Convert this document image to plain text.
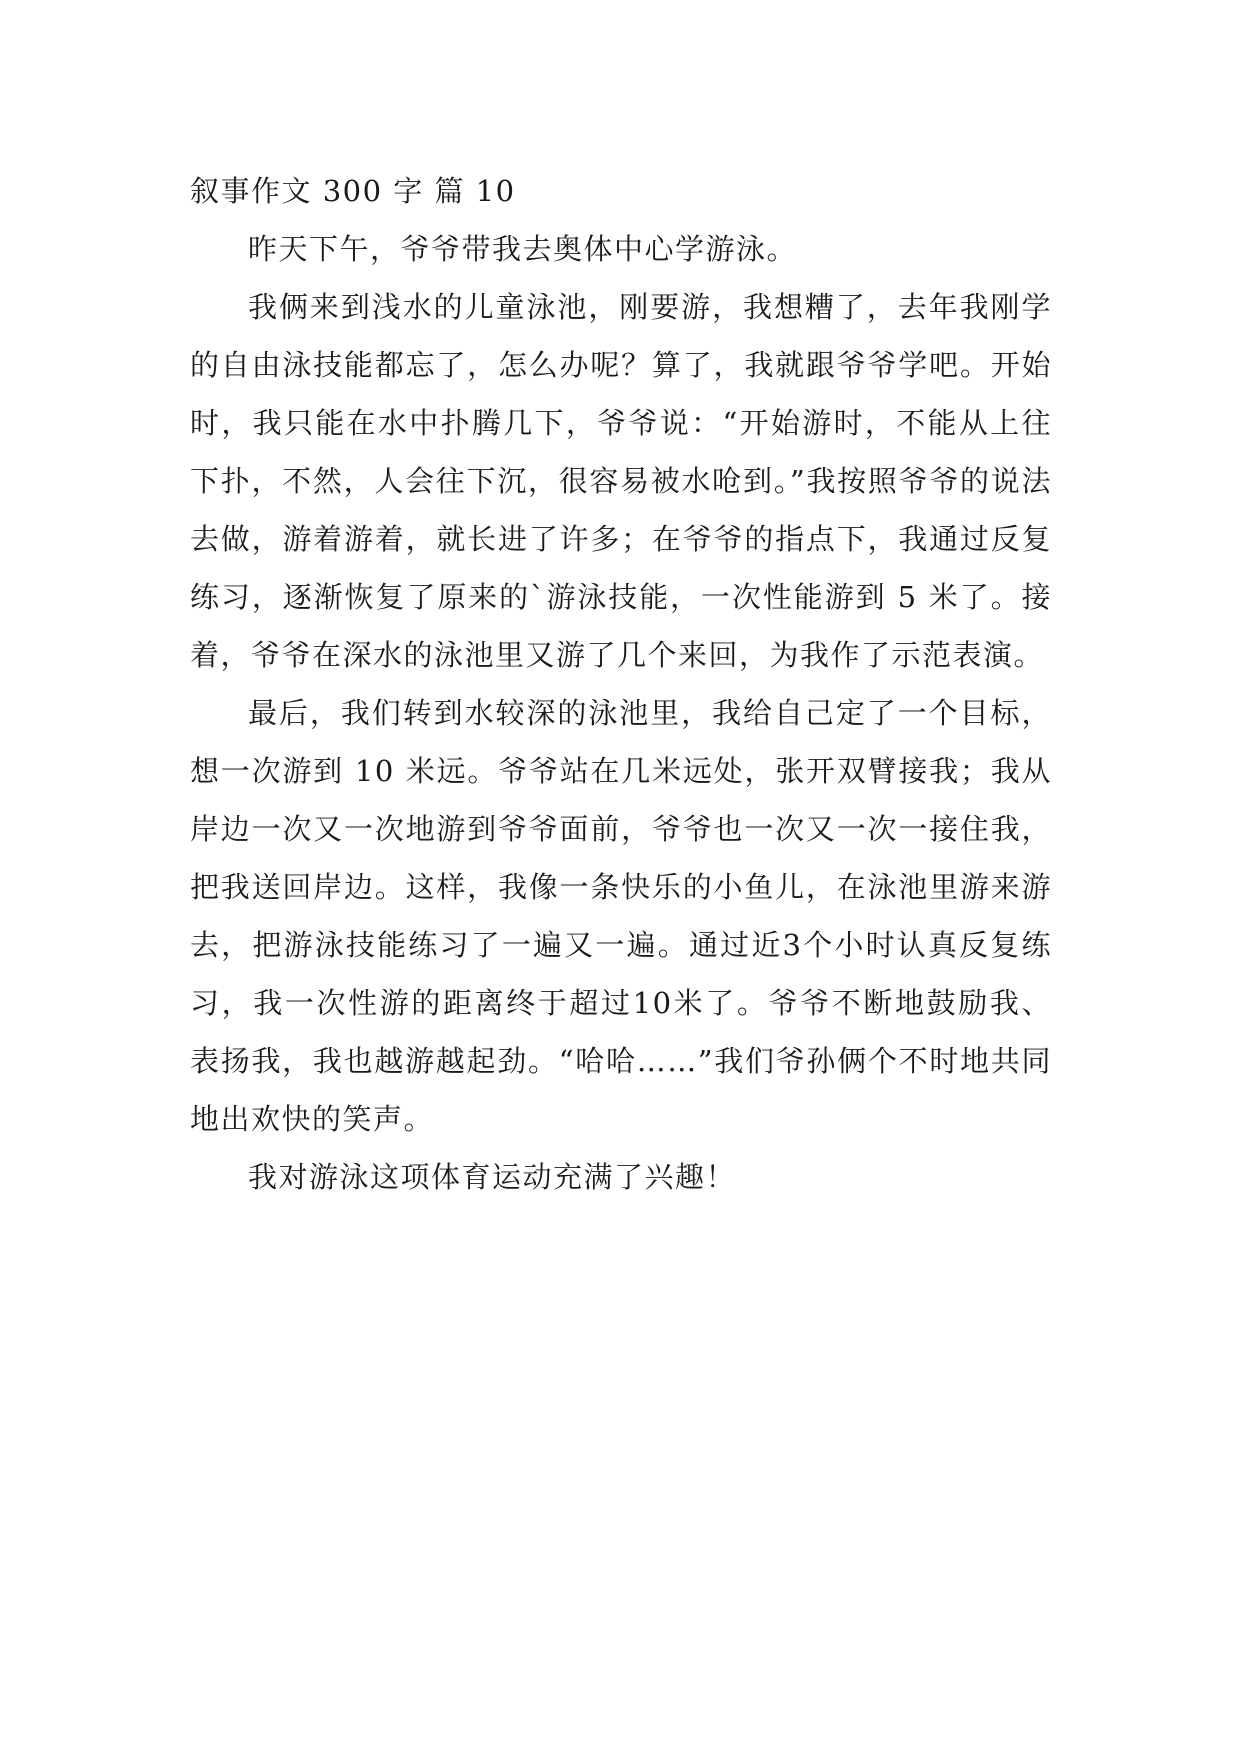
叙事作文 300 字 篇 10

昨天下午，爷爷带我去奥体中心学游泳。

我俩来到浅水的儿童泳池，刚要游，我想糟了，去年我刚学的自由泳技能都忘了，怎么办呢？算了，我就跟爷爷学吧。开始时，我只能在水中扑腾几下，爷爷说：“开始游时，不能从上往下扑，不然，人会往下沉，很容易被水呛到。”我按照爷爷的说法去做，游着游着，就长进了许多；在爷爷的指点下，我通过反复练习，逐渐恢复了原来的`游泳技能，一次性能游到 5 米了。接着，爷爷在深水的泳池里又游了几个来回，为我作了示范表演。

最后，我们转到水较深的泳池里，我给自己定了一个目标，想一次游到 10 米远。爷爷站在几米远处，张开双臂接我；我从岸边一次又一次地游到爷爷面前，爷爷也一次又一次一接住我，把我送回岸边。这样，我像一条快乐的小鱼儿，在泳池里游来游去，把游泳技能练习了一遍又一遍。通过近3个小时认真反复练习，我一次性游的距离终于超过10米了。爷爷不断地鼓励我、表扬我，我也越游越起劲。“哈哈……”我们爷孙俩个不时地共同地出欢快的笑声。

我对游泳这项体育运动充满了兴趣！
